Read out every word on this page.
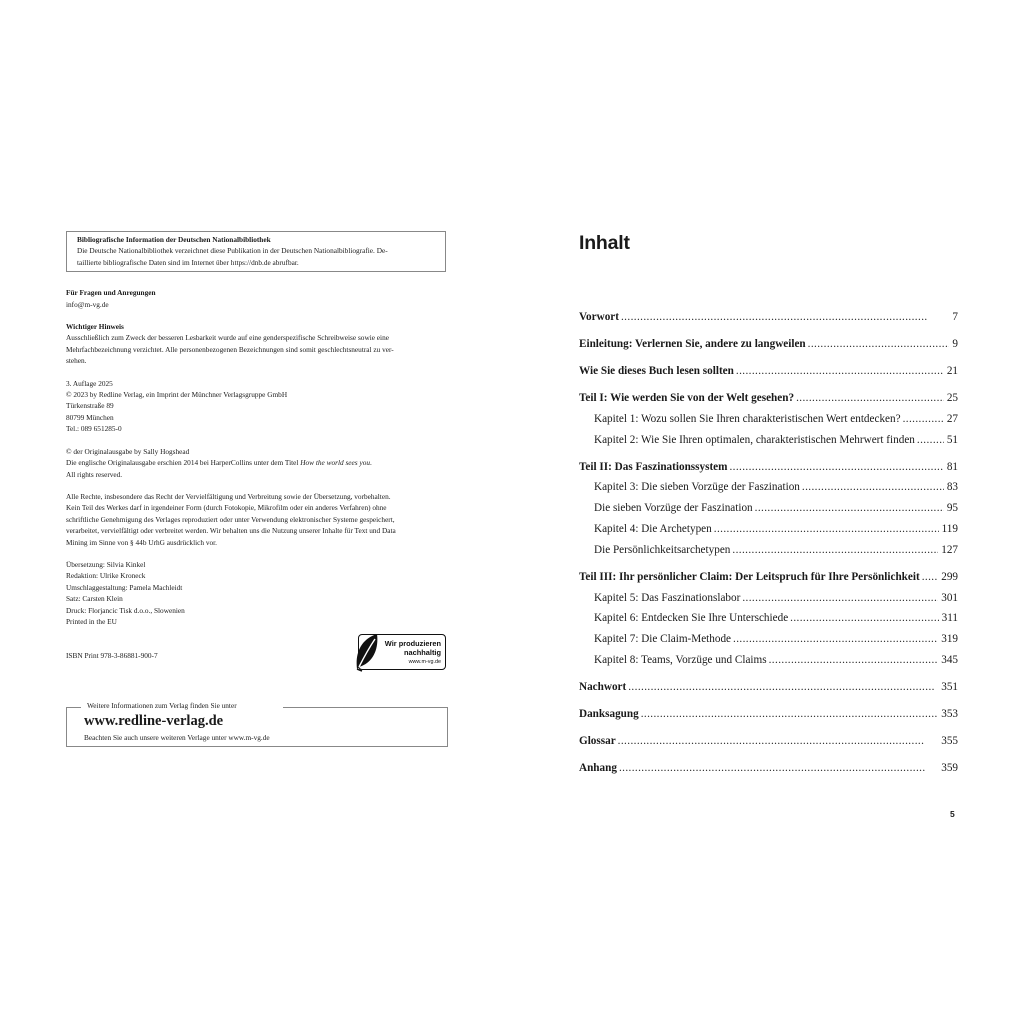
Bibliografische Information der Deutschen Nationalbibliothek
Die Deutsche Nationalbibliothek verzeichnet diese Publikation in der Deutschen Nationalbibliografie. De-
taillierte bibliografische Daten sind im Internet über https://dnb.de abrufbar.
Für Fragen und Anregungen
info@m-vg.de
Wichtiger Hinweis
Ausschließlich zum Zweck der besseren Lesbarkeit wurde auf eine genderspezifische Schreibweise sowie eine
Mehrfachbezeichnung verzichtet. Alle personenbezogenen Bezeichnungen sind somit geschlechtsneutral zu ver-
stehen.
3. Auflage 2025
© 2023 by Redline Verlag, ein Imprint der Münchner Verlagsgruppe GmbH
Türkenstraße 89
80799 München
Tel.: 089 651285-0
© der Originalausgabe by Sally Hogshead
Die englische Originalausgabe erschien 2014 bei HarperCollins unter dem Titel How the world sees you.
All rights reserved.
Alle Rechte, insbesondere das Recht der Vervielfältigung und Verbreitung sowie der Übersetzung, vorbehalten.
Kein Teil des Werkes darf in irgendeiner Form (durch Fotokopie, Mikrofilm oder ein anderes Verfahren) ohne
schriftliche Genehmigung des Verlages reproduziert oder unter Verwendung elektronischer Systeme gespeichert,
verarbeitet, vervielfältigt oder verbreitet werden. Wir behalten uns die Nutzung unserer Inhalte für Text und Data
Mining im Sinne von § 44b UrhG ausdrücklich vor.
Übersetzung: Silvia Kinkel
Redaktion: Ulrike Kroneck
Umschlaggestaltung: Pamela Machleidt
Satz: Carsten Klein
Druck: Florjancic Tisk d.o.o., Slowenien
Printed in the EU
ISBN Print 978-3-86881-900-7
Wir produzieren
nachhaltig
www.m-vg.de
Weitere Informationen zum Verlag finden Sie unter
www.redline-verlag.de
Beachten Sie auch unsere weiteren Verlage unter www.m-vg.de
Inhalt
Vorwort . . .	7
Einleitung: Verlernen Sie, andere zu langweilen . . .	9
Wie Sie dieses Buch lesen sollten . . .	21
Teil I: Wie werden Sie von der Welt gesehen? . . .	25
Kapitel 1: Wozu sollen Sie Ihren charakteristischen Wert entdecken? . . .	27
Kapitel 2: Wie Sie Ihren optimalen, charakteristischen Mehrwert finden . . .	51
Teil II: Das Faszinationssystem . . .	81
Kapitel 3: Die sieben Vorzüge der Faszination . . .	83
Die sieben Vorzüge der Faszination . . .	95
Kapitel 4: Die Archetypen . . .	119
Die Persönlichkeitsarchetypen . . .	127
Teil III: Ihr persönlicher Claim: Der Leitspruch für Ihre Persönlichkeit . . . 299
Kapitel 5: Das Faszinationslabor . . .	301
Kapitel 6: Entdecken Sie Ihre Unterschiede . . .	311
Kapitel 7: Die Claim-Methode . . .	319
Kapitel 8: Teams, Vorzüge und Claims . . .	345
Nachwort . . .	351
Danksagung . . .	353
Glossar . . .	355
Anhang . . .	359
5
